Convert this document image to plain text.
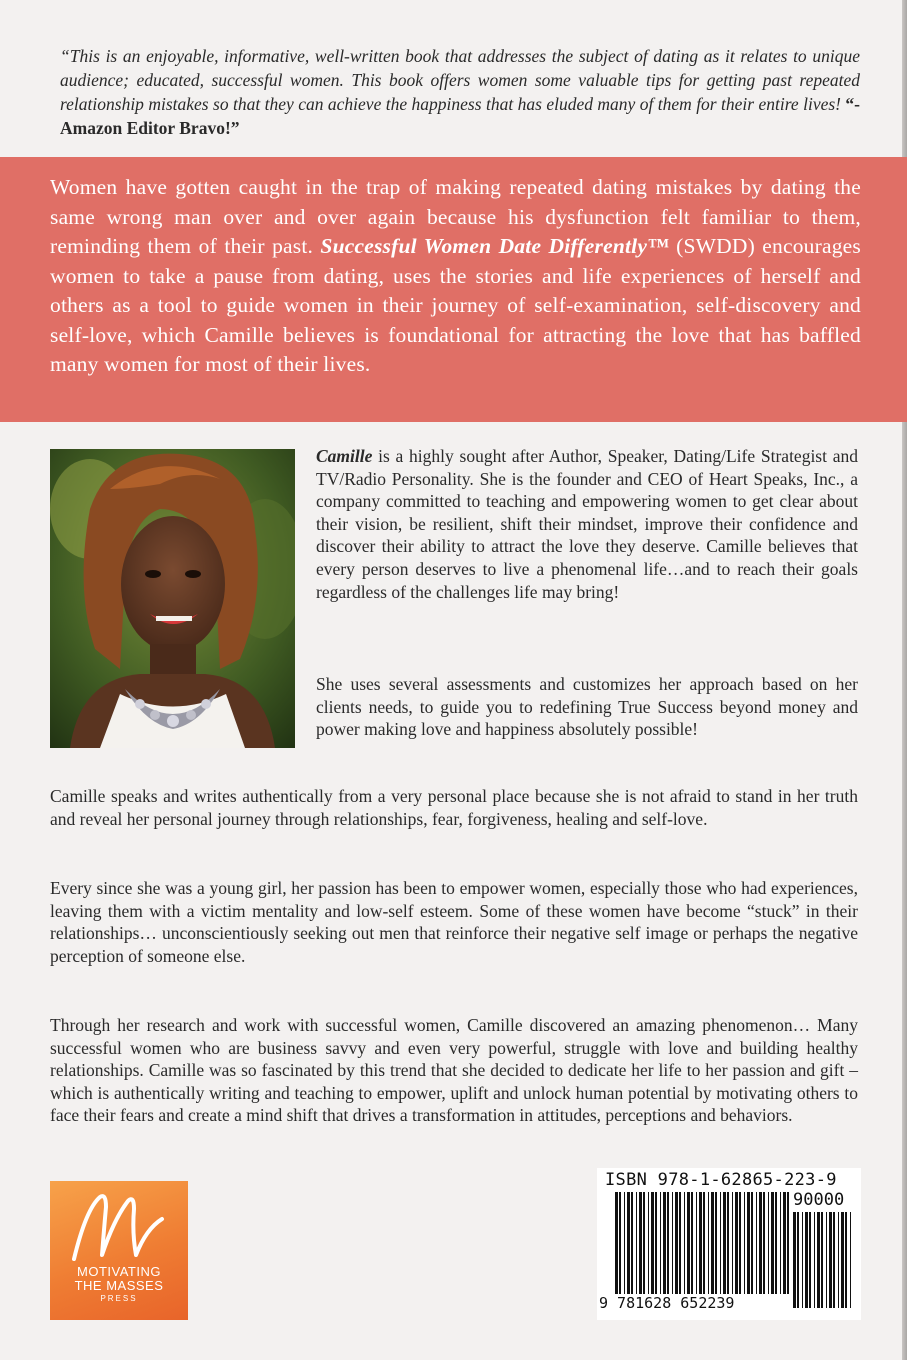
“This is an enjoyable, informative, well-written book that addresses the subject of dating as it relates to unique audience; educated, successful women. This book offers women some valuable tips for getting past repeated relationship mistakes so that they can achieve the happiness that has eluded many of them for their entire lives! “- Amazon Editor Bravo!”
Women have gotten caught in the trap of making repeated dating mistakes by dating the same wrong man over and over again because his dysfunction felt familiar to them, reminding them of their past. Successful Women Date Differently™ (SWDD) encourages women to take a pause from dating, uses the stories and life experiences of herself and others as a tool to guide women in their journey of self-examination, self-discovery and self-love, which Camille believes is foundational for attracting the love that has baffled many women for most of their lives.
Camille is a highly sought after Author, Speaker, Dating/Life Strategist and TV/Radio Personality. She is the founder and CEO of Heart Speaks, Inc., a company committed to teaching and empowering women to get clear about their vision, be resilient, shift their mindset, improve their confidence and discover their ability to attract the love they deserve. Camille believes that every person deserves to live a phenomenal life…and to reach their goals regardless of the challenges life may bring!
She uses several assessments and customizes her approach based on her clients needs, to guide you to redefining True Success beyond money and power making love and happiness absolutely possible!
Camille speaks and writes authentically from a very personal place because she is not afraid to stand in her truth and reveal her personal journey through relationships, fear, forgiveness, healing and self-love.
Every since she was a young girl, her passion has been to empower women, especially those who had experiences, leaving them with a victim mentality and low-self esteem. Some of these women have become “stuck” in their relationships… unconscientiously seeking out men that reinforce their negative self image or perhaps the negative perception of someone else.
Through her research and work with successful women, Camille discovered an amazing phenomenon… Many successful women who are business savvy and even very powerful, struggle with love and building healthy relationships. Camille was so fascinated by this trend that she decided to dedicate her life to her passion and gift – which is authentically writing and teaching to empower, uplift and unlock human potential by motivating others to face their fears and create a mind shift that drives a transformation in attitudes, perceptions and behaviors.
MOTIVATING
THE MASSES
PRESS
ISBN 978-1-62865-223-9
90000
9 781628 652239
